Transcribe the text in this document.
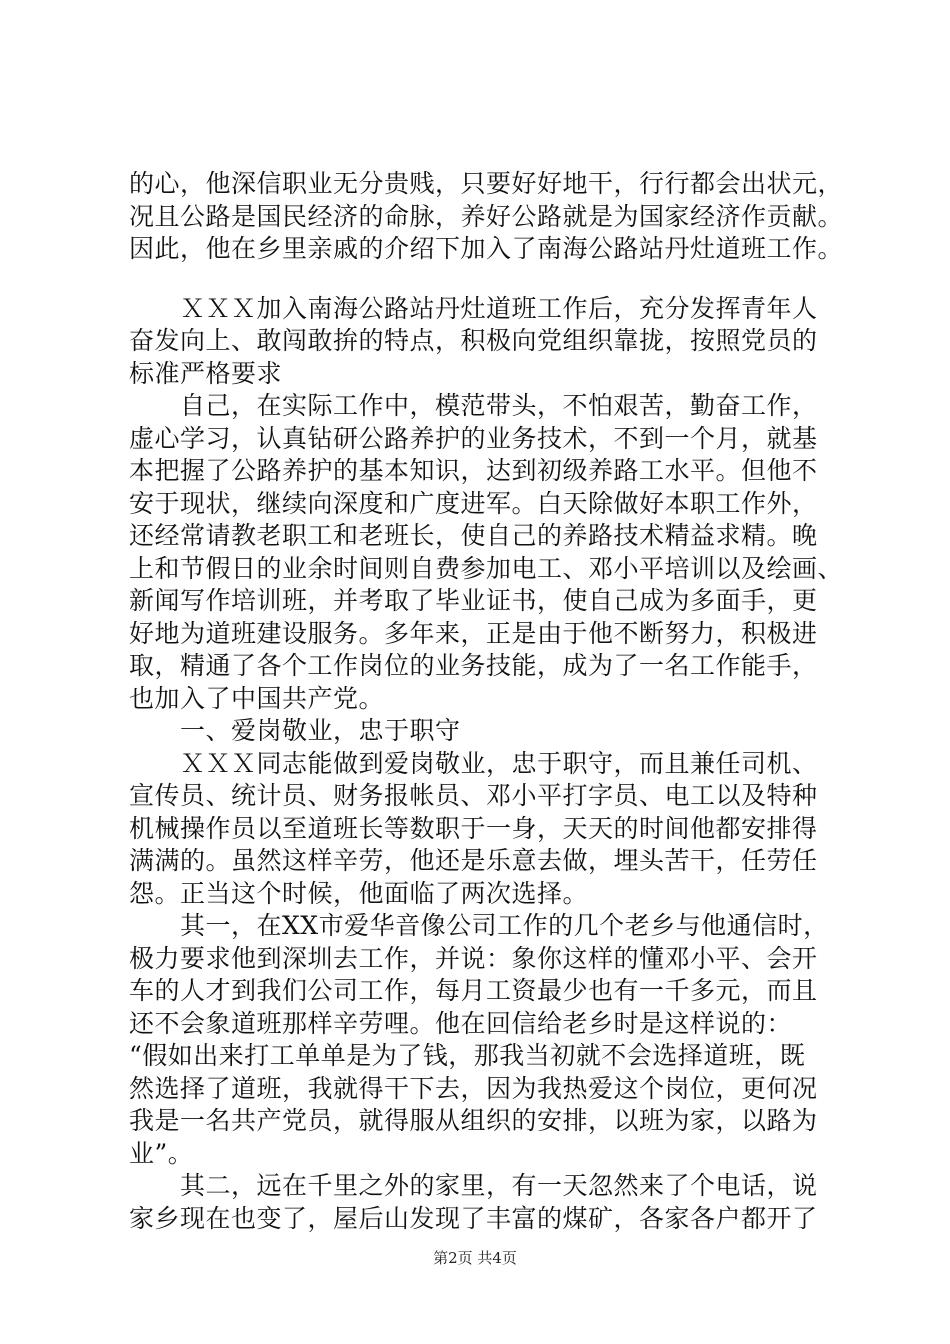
的心，他深信职业无分贵贱，只要好好地干，行行都会出状元，
况且公路是国民经济的命脉，养好公路就是为国家经济作贡献。
因此，他在乡里亲戚的介绍下加入了南海公路站丹灶道班工作。
　　ＸＸＸ加入南海公路站丹灶道班工作后，充分发挥青年人
奋发向上、敢闯敢拚的特点，积极向党组织靠拢，按照党员的
标准严格要求
　　自己，在实际工作中，模范带头，不怕艰苦，勤奋工作，
虚心学习，认真钻研公路养护的业务技术，不到一个月，就基
本把握了公路养护的基本知识，达到初级养路工水平。但他不
安于现状，继续向深度和广度进军。白天除做好本职工作外，
还经常请教老职工和老班长，使自己的养路技术精益求精。晚
上和节假日的业余时间则自费参加电工、邓小平培训以及绘画、
新闻写作培训班，并考取了毕业证书，使自己成为多面手，更
好地为道班建设服务。多年来，正是由于他不断努力，积极进
取，精通了各个工作岗位的业务技能，成为了一名工作能手，
也加入了中国共产党。
　　一、爱岗敬业，忠于职守
　　ＸＸＸ同志能做到爱岗敬业，忠于职守，而且兼任司机、
宣传员、统计员、财务报帐员、邓小平打字员、电工以及特种
机械操作员以至道班长等数职于一身，天天的时间他都安排得
满满的。虽然这样辛劳，他还是乐意去做，埋头苦干，任劳任
怨。正当这个时候，他面临了两次选择。
　　其一，在XX市爱华音像公司工作的几个老乡与他通信时，
极力要求他到深圳去工作，并说：象你这样的懂邓小平、会开
车的人才到我们公司工作，每月工资最少也有一千多元，而且
还不会象道班那样辛劳哩。他在回信给老乡时是这样说的：
“假如出来打工单单是为了钱，那我当初就不会选择道班，既
然选择了道班，我就得干下去，因为我热爱这个岗位，更何况
我是一名共产党员，就得服从组织的安排，以班为家，以路为
业”。
　　其二，远在千里之外的家里，有一天忽然来了个电话，说
家乡现在也变了，屋后山发现了丰富的煤矿，各家各户都开了
第2页 共4页
